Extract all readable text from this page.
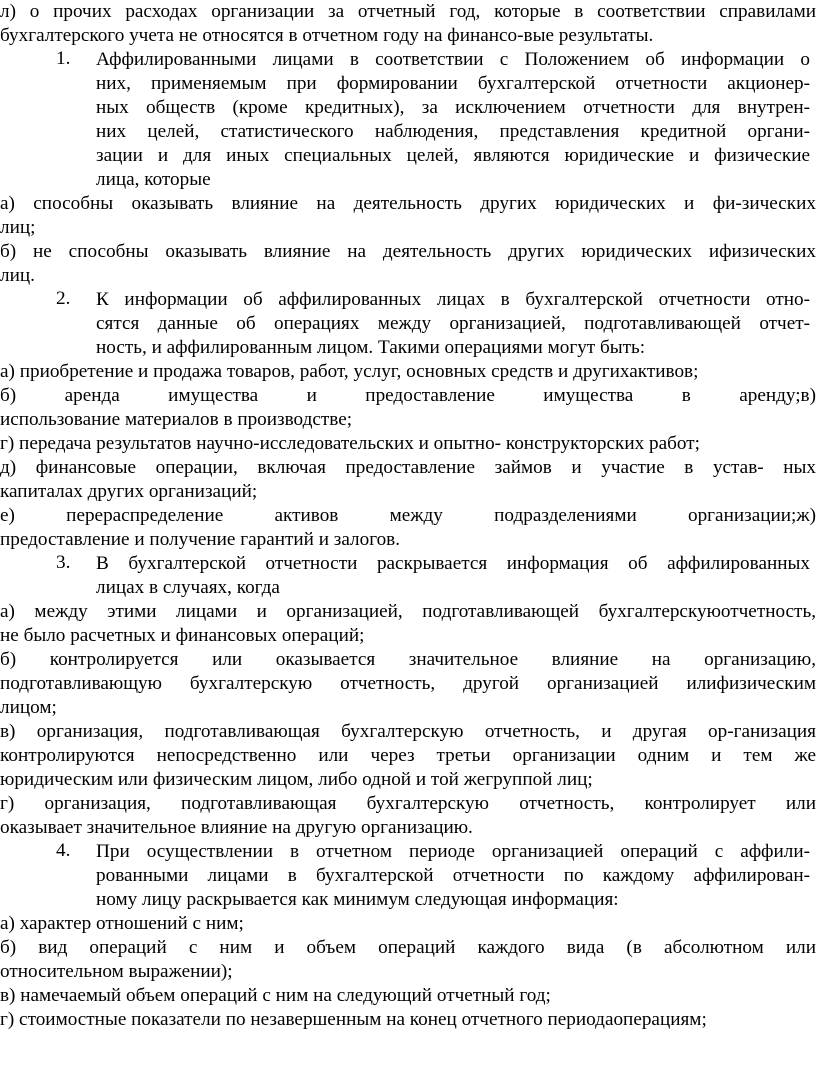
л) о прочих расходах организации за отчетный год, которые в соответствии справилами
бухгалтерского учета не относятся в отчетном году на финансо-вые результаты.
1.	Аффилированными лицами в соответствии с Положением об информации о
них, применяемым при формировании бухгалтерской отчетности акционер-
ных обществ (кроме кредитных), за исключением отчетности для внутрен-
них целей, статистического наблюдения, представления кредитной органи-
зации и для иных специальных целей, являются юридические и физические
лица, которые
а) способны оказывать влияние на деятельность других юридических и фи-зических
лиц;
б) не способны оказывать влияние на деятельность других юридических ифизических
лиц.
2.	К информации об аффилированных лицах в бухгалтерской отчетности отно-
сятся данные об операциях между организацией, подготавливающей отчет-
ность, и аффилированным лицом. Такими операциями могут быть:
а) приобретение и продажа товаров, работ, услуг, основных средств и другихактивов;
б) аренда имущества и предоставление имущества в аренду;в)
использование материалов в производстве;
г) передача результатов научно-исследовательских и опытно- конструкторских работ;
д) финансовые операции, включая предоставление займов и участие в устав- ных
капиталах других организаций;
е) перераспределение активов между подразделениями организации;ж)
предоставление и получение гарантий и залогов.
3.	В бухгалтерской отчетности раскрывается информация об аффилированных
лицах в случаях, когда
а) между этими лицами и организацией, подготавливающей бухгалтерскуюотчетность,
не было расчетных и финансовых операций;
б) контролируется или оказывается значительное влияние на организацию,
подготавливающую бухгалтерскую отчетность, другой организацией илифизическим
лицом;
в) организация, подготавливающая бухгалтерскую отчетность, и другая ор-ганизация
контролируются непосредственно или через третьи организации одним и тем же
юридическим или физическим лицом, либо одной и той жегруппой лиц;
г) организация, подготавливающая бухгалтерскую отчетность, контролирует или
оказывает значительное влияние на другую организацию.
4.	При осуществлении в отчетном периоде организацией операций с аффили-
рованными лицами в бухгалтерской отчетности по каждому аффилирован-
ному лицу раскрывается как минимум следующая информация:
а) характер отношений с ним;
б) вид операций с ним и объем операций каждого вида (в абсолютном или
относительном выражении);
в) намечаемый объем операций с ним на следующий отчетный год;
г) стоимостные показатели по незавершенным на конец отчетного периодаоперациям;
